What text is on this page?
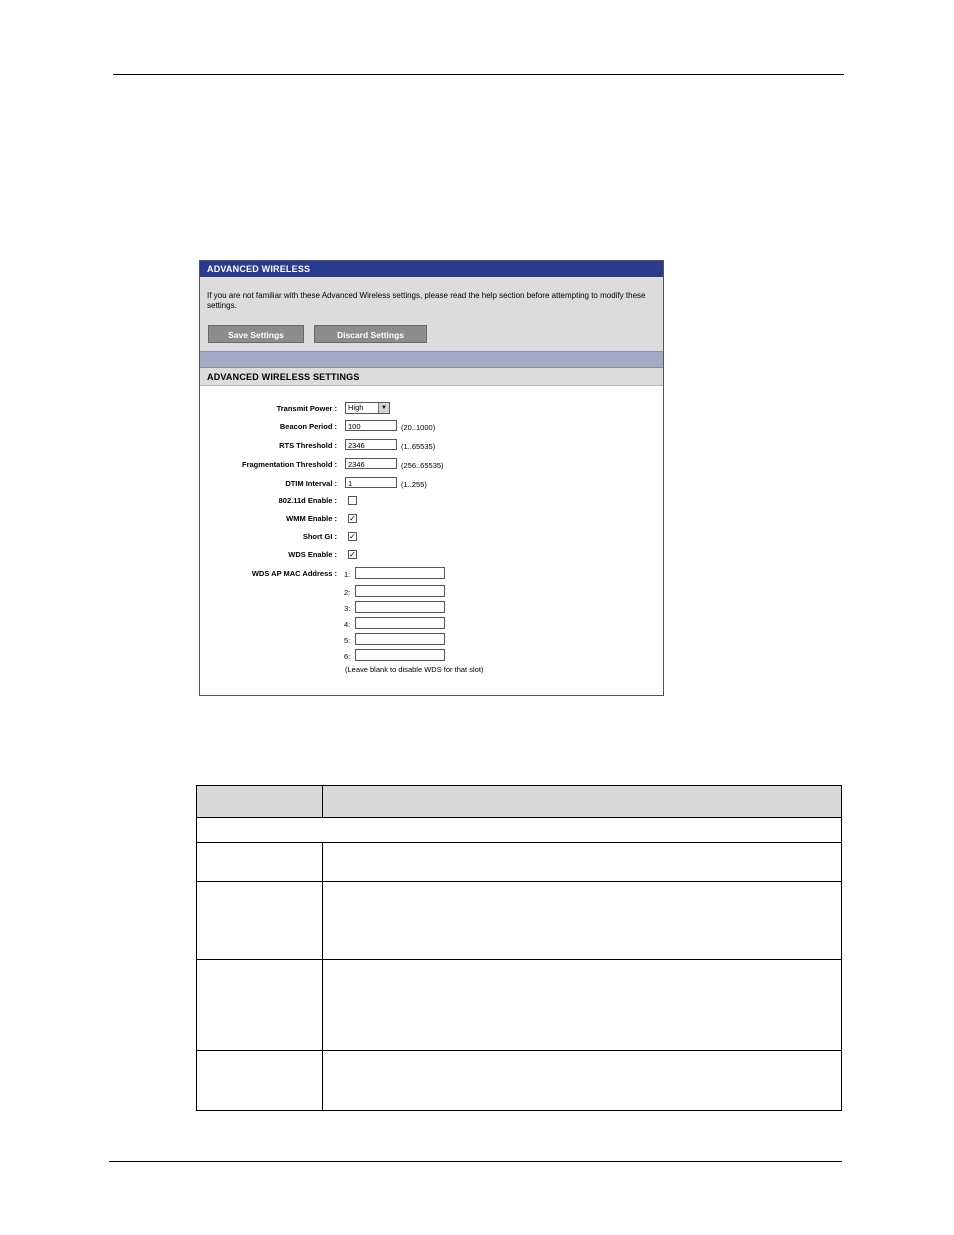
ADVANCED WIRELESS
If you are not familiar with these Advanced Wireless settings, please read the help section before attempting to modify these settings.
Save Settings	Discard Settings
ADVANCED WIRELESS SETTINGS
Transmit Power :	High	▼
Beacon Period :	100	(20..1000)
RTS Threshold :	2346	(1..65535)
Fragmentation Threshold :	2346	(256..65535)
DTIM Interval :	1	(1..255)
802.11d Enable :
WMM Enable : ✓
Short GI : ✓
WDS Enable : ✓
WDS AP MAC Address : 1:
2:
3:
4:
5:
6:
(Leave blank to disable WDS for that slot)
